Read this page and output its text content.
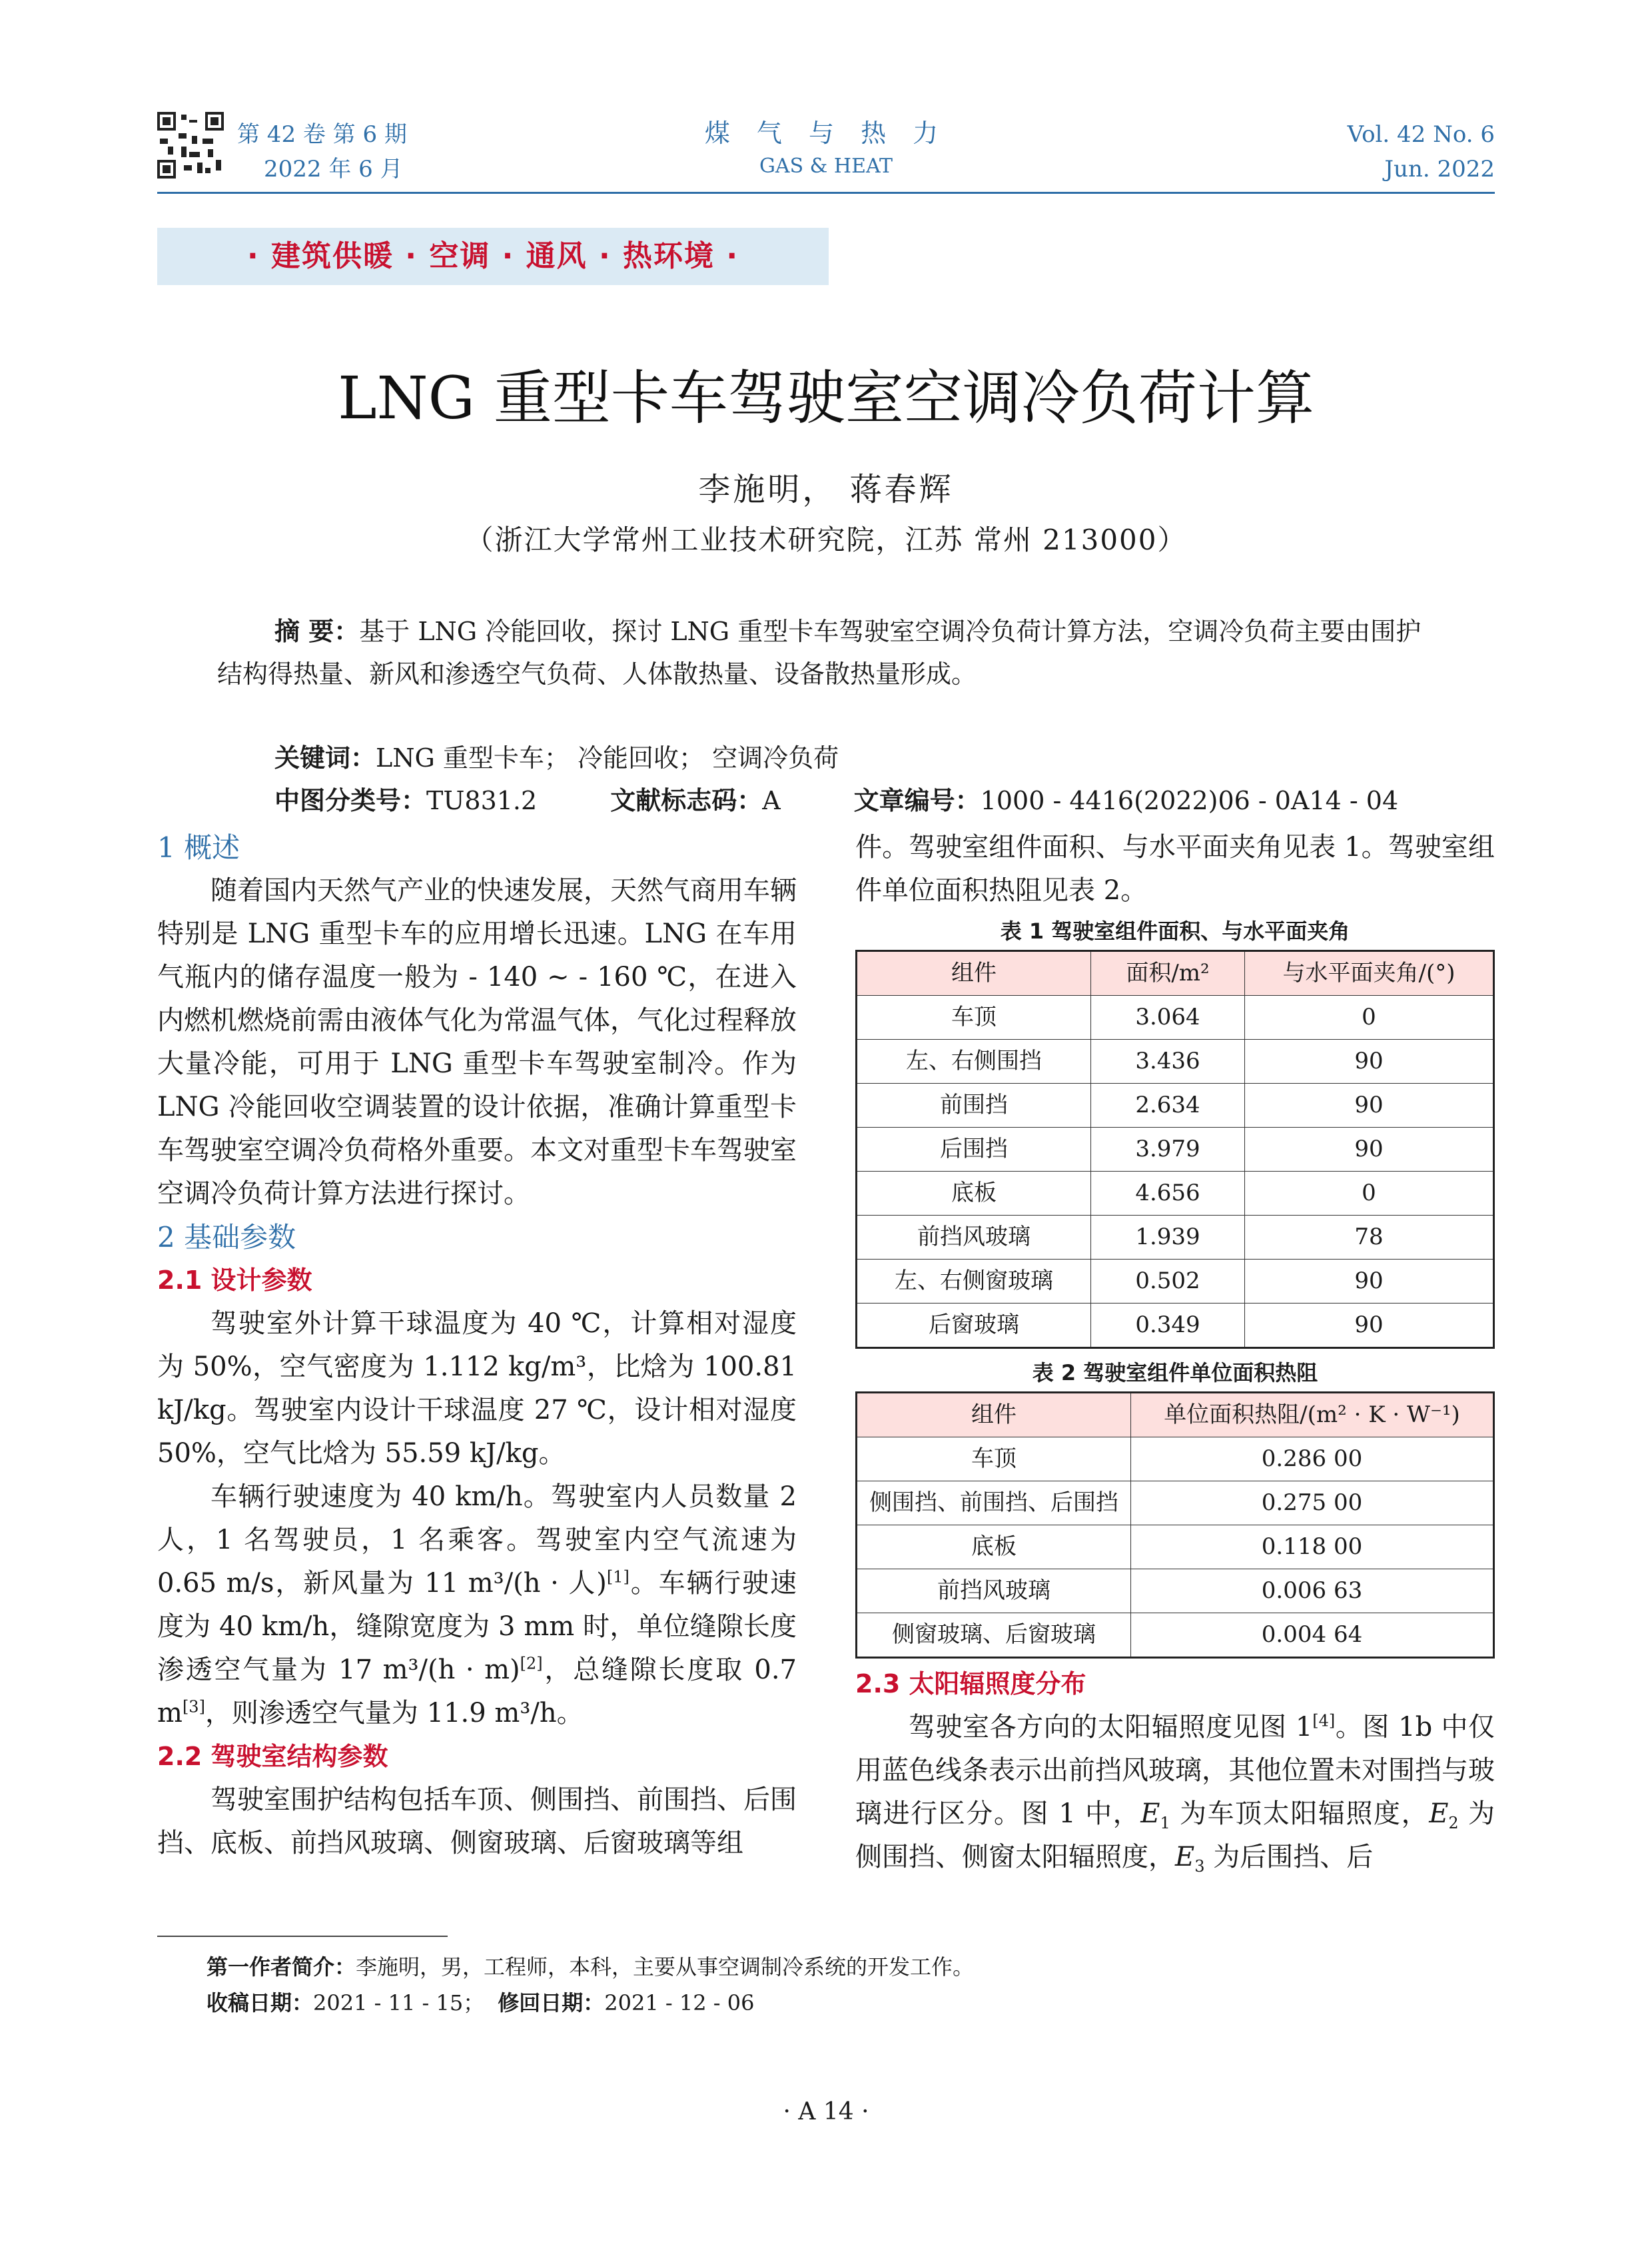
第 42 卷 第 6 期
2022 年 6 月
煤 气 与 热 力
GAS & HEAT
Vol. 42 No. 6
Jun. 2022
· 建筑供暖 · 空调 · 通风 · 热环境 ·
LNG 重型卡车驾驶室空调冷负荷计算
李施明， 蒋春辉
（浙江大学常州工业技术研究院，江苏 常州 213000）
摘 要：基于 LNG 冷能回收，探讨 LNG 重型卡车驾驶室空调冷负荷计算方法，空调冷负荷主要由围护结构得热量、新风和渗透空气负荷、人体散热量、设备散热量形成。
关键词：LNG 重型卡车； 冷能回收； 空调冷负荷
中图分类号：TU831.2	文献标志码：A	文章编号：1000 - 4416(2022)06 - 0A14 - 04
1 概述

随着国内天然气产业的快速发展，天然气商用车辆特别是 LNG 重型卡车的应用增长迅速。LNG 在车用气瓶内的储存温度一般为 - 140 ~ - 160 ℃，在进入内燃机燃烧前需由液体气化为常温气体，气化过程释放大量冷能，可用于 LNG 重型卡车驾驶室制冷。作为 LNG 冷能回收空调装置的设计依据，准确计算重型卡车驾驶室空调冷负荷格外重要。本文对重型卡车驾驶室空调冷负荷计算方法进行探讨。

2 基础参数
2.1 设计参数

驾驶室外计算干球温度为 40 ℃，计算相对湿度为 50%，空气密度为 1.112 kg/m³，比焓为 100.81 kJ/kg。驾驶室内设计干球温度 27 ℃，设计相对湿度 50%，空气比焓为 55.59 kJ/kg。

车辆行驶速度为 40 km/h。驾驶室内人员数量 2 人，1 名驾驶员，1 名乘客。驾驶室内空气流速为 0.65 m/s，新风量为 11 m³/(h · 人)[1]。车辆行驶速度为 40 km/h，缝隙宽度为 3 mm 时，单位缝隙长度渗透空气量为 17 m³/(h · m)[2]，总缝隙长度取 0.7 m[3]，则渗透空气量为 11.9 m³/h。

2.2 驾驶室结构参数

驾驶室围护结构包括车顶、侧围挡、前围挡、后围挡、底板、前挡风玻璃、侧窗玻璃、后窗玻璃等组

件。驾驶室组件面积、与水平面夹角见表 1。驾驶室组件单位面积热阻见表 2。

表 1 驾驶室组件面积、与水平面夹角
组件	面积/m²	与水平面夹角/(°)
车顶	3.064	0
左、右侧围挡	3.436	90
前围挡	2.634	90
后围挡	3.979	90
底板	4.656	0
前挡风玻璃	1.939	78
左、右侧窗玻璃	0.502	90
后窗玻璃	0.349	90
表 2 驾驶室组件单位面积热阻
组件	单位面积热阻/(m² · K · W⁻¹)
车顶	0.286 00
侧围挡、前围挡、后围挡	0.275 00
底板	0.118 00
前挡风玻璃	0.006 63
侧窗玻璃、后窗玻璃	0.004 64
2.3 太阳辐照度分布

驾驶室各方向的太阳辐照度见图 1[4]。图 1b 中仅用蓝色线条表示出前挡风玻璃，其他位置未对围挡与玻璃进行区分。图 1 中，$E_1$ 为车顶太阳辐照度，$E_2$ 为侧围挡、侧窗太阳辐照度，$E_3$ 为后围挡、后

第一作者简介：李施明，男，工程师，本科，主要从事空调制冷系统的开发工作。
收稿日期：2021 - 11 - 15； 修回日期：2021 - 12 - 06
· A 14 ·
